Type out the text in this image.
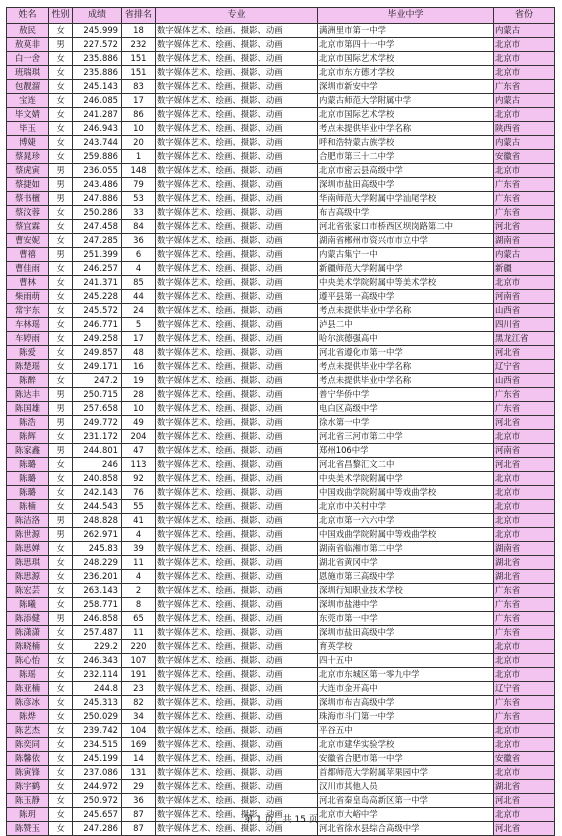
姓名	性别	成绩	省排名	专业	毕业中学	省份
敖民	女	245.999	18	数字媒体艺术、绘画、摄影、动画	满洲里市第一中学	内蒙古
敖莫非	男	227.572	232	数字媒体艺术、绘画、摄影、动画	北京市第四十一中学	北京市
白一舍	女	235.886	151	数字媒体艺术、绘画、摄影、动画	北京市国际艺术学校	北京市
班瑞琪	女	235.886	151	数字媒体艺术、绘画、摄影、动画	北京市东方德才学校	北京市
包靓溜	女	245.143	83	数字媒体艺术、绘画、摄影、动画	深圳市新安中学	广东省
宝连	女	246.085	17	数字媒体艺术、绘画、摄影、动画	内蒙古师范大学附属中学	内蒙古
毕文婧	女	241.287	86	数字媒体艺术、绘画、摄影、动画	北京市国际艺术学校	北京市
毕玉	女	246.943	10	数字媒体艺术、绘画、摄影、动画	考点未提供毕业中学名称	陕西省
博婕	女	243.744	20	数字媒体艺术、绘画、摄影、动画	呼和浩特蒙古族学校	内蒙古
蔡晁珍	女	259.886	1	数字媒体艺术、绘画、摄影、动画	合肥市第三十二中学	安徽省
蔡虎寅	男	236.055	148	数字媒体艺术、绘画、摄影、动画	北京市密云县高级中学	北京市
蔡捷如	男	243.486	79	数字媒体艺术、绘画、摄影、动画	深圳市盐田高级中学	广东省
蔡书檀	男	247.886	53	数字媒体艺术、绘画、摄影、动画	华南师范大学附属中学汕尾学校	广东省
蔡汶蓉	女	250.286	33	数字媒体艺术、绘画、摄影、动画	布吉高级中学	广东省
蔡宜霖	女	247.458	84	数字媒体艺术、绘画、摄影、动画	河北省张家口市桥西区坝岗路第二中	河北省
曹安妮	女	247.285	36	数字媒体艺术、绘画、摄影、动画	湖南省郴州市资兴市市立中学	湖南省
曹禧	男	251.399	6	数字媒体艺术、绘画、摄影、动画	内蒙古集宁一中	内蒙古
曹佳雨	女	246.257	4	数字媒体艺术、绘画、摄影、动画	新疆师范大学附属中学	新疆
曹林	女	241.371	85	数字媒体艺术、绘画、摄影、动画	中央美术学院附属中等美术学校	北京市
柴雨萌	女	245.228	44	数字媒体艺术、绘画、摄影、动画	遵平县第一高级中学	河南省
常宇东	女	245.572	24	数字媒体艺术、绘画、摄影、动画	考点未提供毕业中学名称	山西省
车林瑶	女	246.771	5	数字媒体艺术、绘画、摄影、动画	泸县二中	四川省
车婷雨	女	249.258	17	数字媒体艺术、绘画、摄影、动画	哈尔滨德强高中	黑龙江省
陈爱	女	249.857	48	数字媒体艺术、绘画、摄影、动画	河北省遵化市第一中学	河北省
陈楚瑶	女	249.171	16	数字媒体艺术、绘画、摄影、动画	考点未提供毕业中学名称	辽宁省
陈醉	女	247.2	19	数字媒体艺术、绘画、摄影、动画	考点未提供毕业中学名称	山西省
陈达丰	男	250.715	28	数字媒体艺术、绘画、摄影、动画	普宁华侨中学	广东省
陈国雄	男	257.658	10	数字媒体艺术、绘画、摄影、动画	电白区高级中学	广东省
陈浩	男	249.772	49	数字媒体艺术、绘画、摄影、动画	徐水第一中学	河北省
陈辉	女	231.172	204	数字媒体艺术、绘画、摄影、动画	河北省三河市第二中学	北京市
陈家鑫	男	244.801	47	数字媒体艺术、绘画、摄影、动画	郑州106中学	河南省
陈璐	女	246	113	数字媒体艺术、绘画、摄影、动画	河北省昌黎汇文二中	河北省
陈璐	女	240.858	92	数字媒体艺术、绘画、摄影、动画	中央美术学院附属中学	北京市
陈璐	女	242.143	76	数字媒体艺术、绘画、摄影、动画	中国戏曲学院附属中等戏曲学校	北京市
陈楠	女	244.543	55	数字媒体艺术、绘画、摄影、动画	北京市中关村中学	北京市
陈洁洛	男	248.828	41	数字媒体艺术、绘画、摄影、动画	北京市第一六六中学	北京市
陈世源	男	262.971	4	数字媒体艺术、绘画、摄影、动画	中国戏曲学院附属中等戏曲学校	北京市
陈思婵	女	245.83	39	数字媒体艺术、绘画、摄影、动画	湖南省临湘市第二中学	湖南省
陈思琪	女	248.229	11	数字媒体艺术、绘画、摄影、动画	湖北省黄冈中学	湖北省
陈思源	女	236.201	4	数字媒体艺术、绘画、摄影、动画	恩施市第三高级中学	湖北省
陈宏芸	女	263.143	2	数字媒体艺术、绘画、摄影、动画	深圳行知职业技术学校	广东省
陈曦	女	258.771	8	数字媒体艺术、绘画、摄影、动画	深圳市盐港中学	广东省
陈添健	男	246.858	65	数字媒体艺术、绘画、摄影、动画	东莞市第一中学	广东省
陈潇潇	女	257.487	11	数字媒体艺术、绘画、摄影、动画	深圳市盐田高级中学	广东省
陈晓楠	女	229.2	220	数字媒体艺术、绘画、摄影、动画	育英学校	北京市
陈心怡	女	246.343	107	数字媒体艺术、绘画、摄影、动画	四十五中	北京市
陈瑶	女	232.114	191	数字媒体艺术、绘画、摄影、动画	北京市东城区第一零九中学	北京市
陈亚楠	女	244.8	23	数字媒体艺术、绘画、摄影、动画	大连市金开高中	辽宁省
陈彦冰	女	245.313	82	数字媒体艺术、绘画、摄影、动画	深圳市布吉高级中学	广东省
陈烨	女	250.029	34	数字媒体艺术、绘画、摄影、动画	珠海市斗门第一中学	广东省
陈艺杰	女	239.742	104	数字媒体艺术、绘画、摄影、动画	平谷五中	北京市
陈奕同	女	234.515	169	数字媒体艺术、绘画、摄影、动画	北京市建华实验学校	北京市
陈馨依	女	245.199	14	数字媒体艺术、绘画、摄影、动画	安徽省合肥市第一中学	安徽省
陈寅锋	女	237.086	131	数字媒体艺术、绘画、摄影、动画	首都师范大学附属苹果园中学	北京市
陈宇鹤	女	244.972	29	数字媒体艺术、绘画、摄影、动画	汉川市其他人员	湖北省
陈玉静	女	250.972	36	数字媒体艺术、绘画、摄影、动画	河北省秦皇岛高新区第一中学	河北省
陈玥	女	245.657	87	数字媒体艺术、绘画、摄影、动画	北京市大峪中学	北京市
陈赞玉	女	247.286	87	数字媒体艺术、绘画、摄影、动画	河北省徐水县综合高级中学	河北省
第 1 页，共 15 页
